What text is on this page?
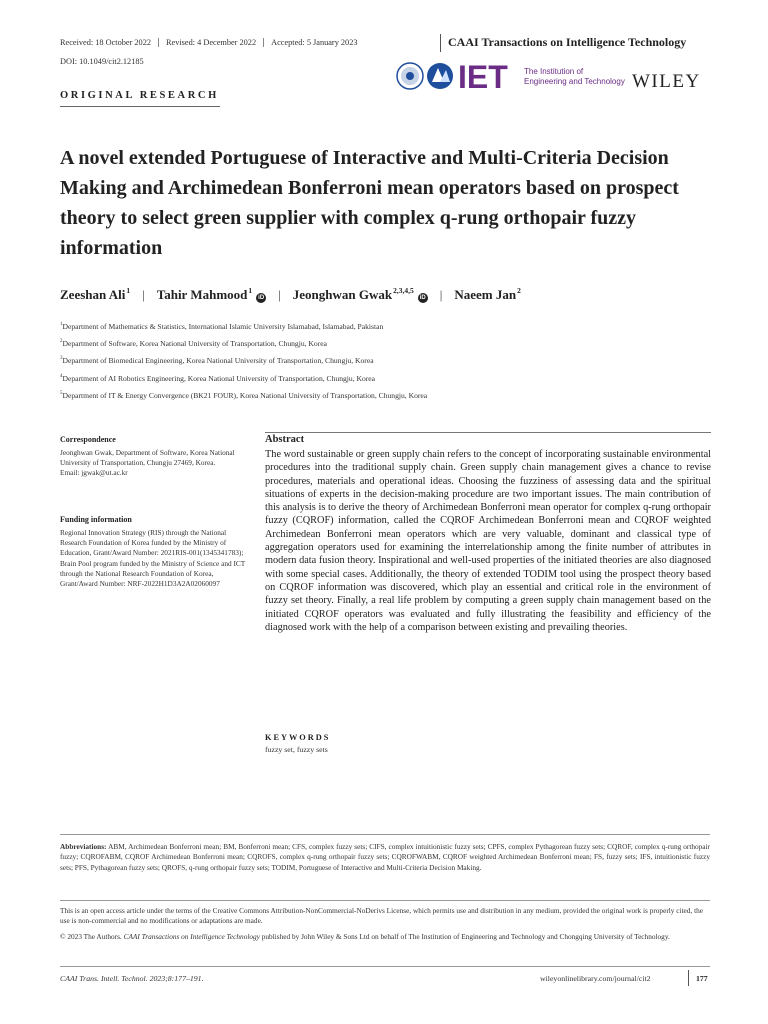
Received: 18 October 2022	Revised: 4 December 2022	Accepted: 5 January 2023	CAAI Transactions on Intelligence Technology
DOI: 10.1049/cit2.12185
ORIGINAL RESEARCH
IET The Institution of
Engineering and Technology WILEY
A novel extended Portuguese of Interactive and Multi-Criteria Decision Making and Archimedean Bonferroni mean operators based on prospect theory to select green supplier with complex q-rung orthopair fuzzy information
Zeeshan Ali$^1$ | Tahir Mahmood$^1$iD | Jeonghwan Gwak$^{2,3,4,5}$iD | Naeem Jan$^2$
$^1$Department of Mathematics & Statistics, International Islamic University Islamabad, Islamabad, Pakistan
$^2$Department of Software, Korea National University of Transportation, Chungju, Korea
$^3$Department of Biomedical Engineering, Korea National University of Transportation, Chungju, Korea
$^4$Department of AI Robotics Engineering, Korea National University of Transportation, Chungju, Korea
$^5$Department of IT & Energy Convergence (BK21 FOUR), Korea National University of Transportation, Chungju, Korea
Correspondence
Jeonghwan Gwak, Department of Software, Korea National University of Transportation, Chungju 27469, Korea.
Email: jgwak@ut.ac.kr
Funding information
Regional Innovation Strategy (RIS) through the National Research Foundation of Korea funded by the Ministry of Education, Grant/Award Number: 2021RIS-001(1345341783); Brain Pool program funded by the Ministry of Science and ICT through the National Research Foundation of Korea, Grant/Award Number: NRF-2022H1D3A2A02060097
Abstract
The word sustainable or green supply chain refers to the concept of incorporating sustainable environmental procedures into the traditional supply chain. Green supply chain management gives a chance to revise procedures, materials and operational ideas. Choosing the fuzziness of assessing data and the spiritual situations of experts in the decision-making procedure are two important issues. The main contribution of this analysis is to derive the theory of Archimedean Bonferroni mean operator for complex q-rung orthopair fuzzy (CQROF) information, called the CQROF Archimedean Bonferroni mean and CQROF weighted Archimedean Bonferroni mean operators which are very valuable, dominant and classical type of aggregation operators used for examining the interrelationship among the finite number of attributes in modern data fusion theory. Inspirational and well-used properties of the initiated theories are also diagnosed with some special cases. Additionally, the theory of extended TODIM tool using the prospect theory based on CQROF information was discovered, which play an essential and critical role in the environment of fuzzy set theory. Finally, a real life problem by computing a green supply chain management based on the initiated CQROF operators was evaluated and fully illustrating the feasibility and efficiency of the diagnosed work with the help of a comparison between existing and prevailing theories.
KEYWORDS
fuzzy set, fuzzy sets
Abbreviations: ABM, Archimedean Bonferroni mean; BM, Bonferroni mean; CFS, complex fuzzy sets; CIFS, complex intuitionistic fuzzy sets; CPFS, complex Pythagorean fuzzy sets; CQROF, complex q-rung orthopair fuzzy; CQROFABM, CQROF Archimedean Bonferroni mean; CQROFS, complex q-rung orthopair fuzzy sets; CQROFWABM, CQROF weighted Archimedean Bonferroni mean; FS, fuzzy sets; IFS, intuitionistic fuzzy sets; PFS, Pythagorean fuzzy sets; QROFS, q-rung orthopair fuzzy sets; TODIM, Portuguese of Interactive and Multi-Criteria Decision Making.
This is an open access article under the terms of the Creative Commons Attribution-NonCommercial-NoDerivs License, which permits use and distribution in any medium, provided the original work is properly cited, the use is non-commercial and no modifications or adaptations are made.
© 2023 The Authors. CAAI Transactions on Intelligence Technology published by John Wiley & Sons Ltd on behalf of The Institution of Engineering and Technology and Chongqing University of Technology.
CAAI Trans. Intell. Technol. 2023;8:177–191.	wileyonlinelibrary.com/journal/cit2	177
